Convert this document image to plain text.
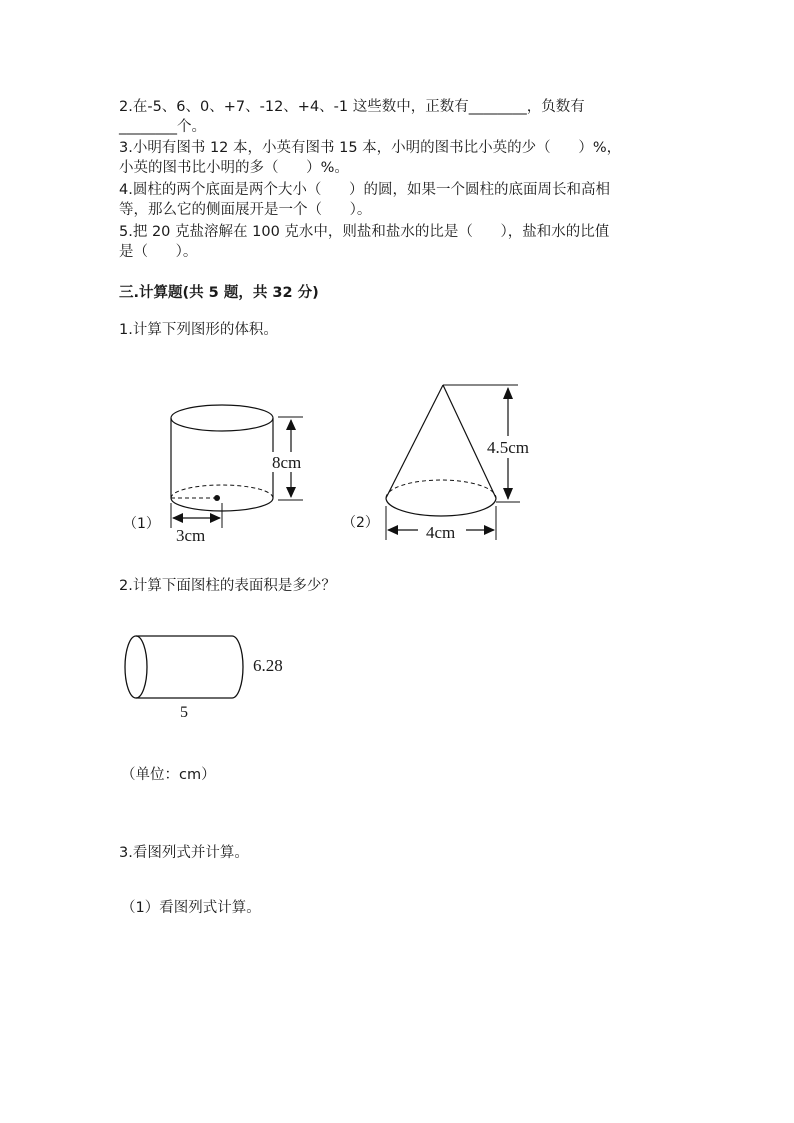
2.在-5、6、0、+7、-12、+4、-1 这些数中，正数有________，负数有
________个。
3.小明有图书 12 本，小英有图书 15 本，小明的图书比小英的少（      ）%，
小英的图书比小明的多（      ）%。
4.圆柱的两个底面是两个大小（      ）的圆，如果一个圆柱的底面周长和高相
等，那么它的侧面展开是一个（      ）。
5.把 20 克盐溶解在 100 克水中，则盐和盐水的比是（      ），盐和水的比值
是（      ）。
三.计算题(共 5 题，共 32 分)
1.计算下列图形的体积。
8cm
3cm
（1）
4.5cm
4cm
（2）
2.计算下面图柱的表面积是多少？
6.28
5
（单位：cm）
3.看图列式并计算。
（1）看图列式计算。
